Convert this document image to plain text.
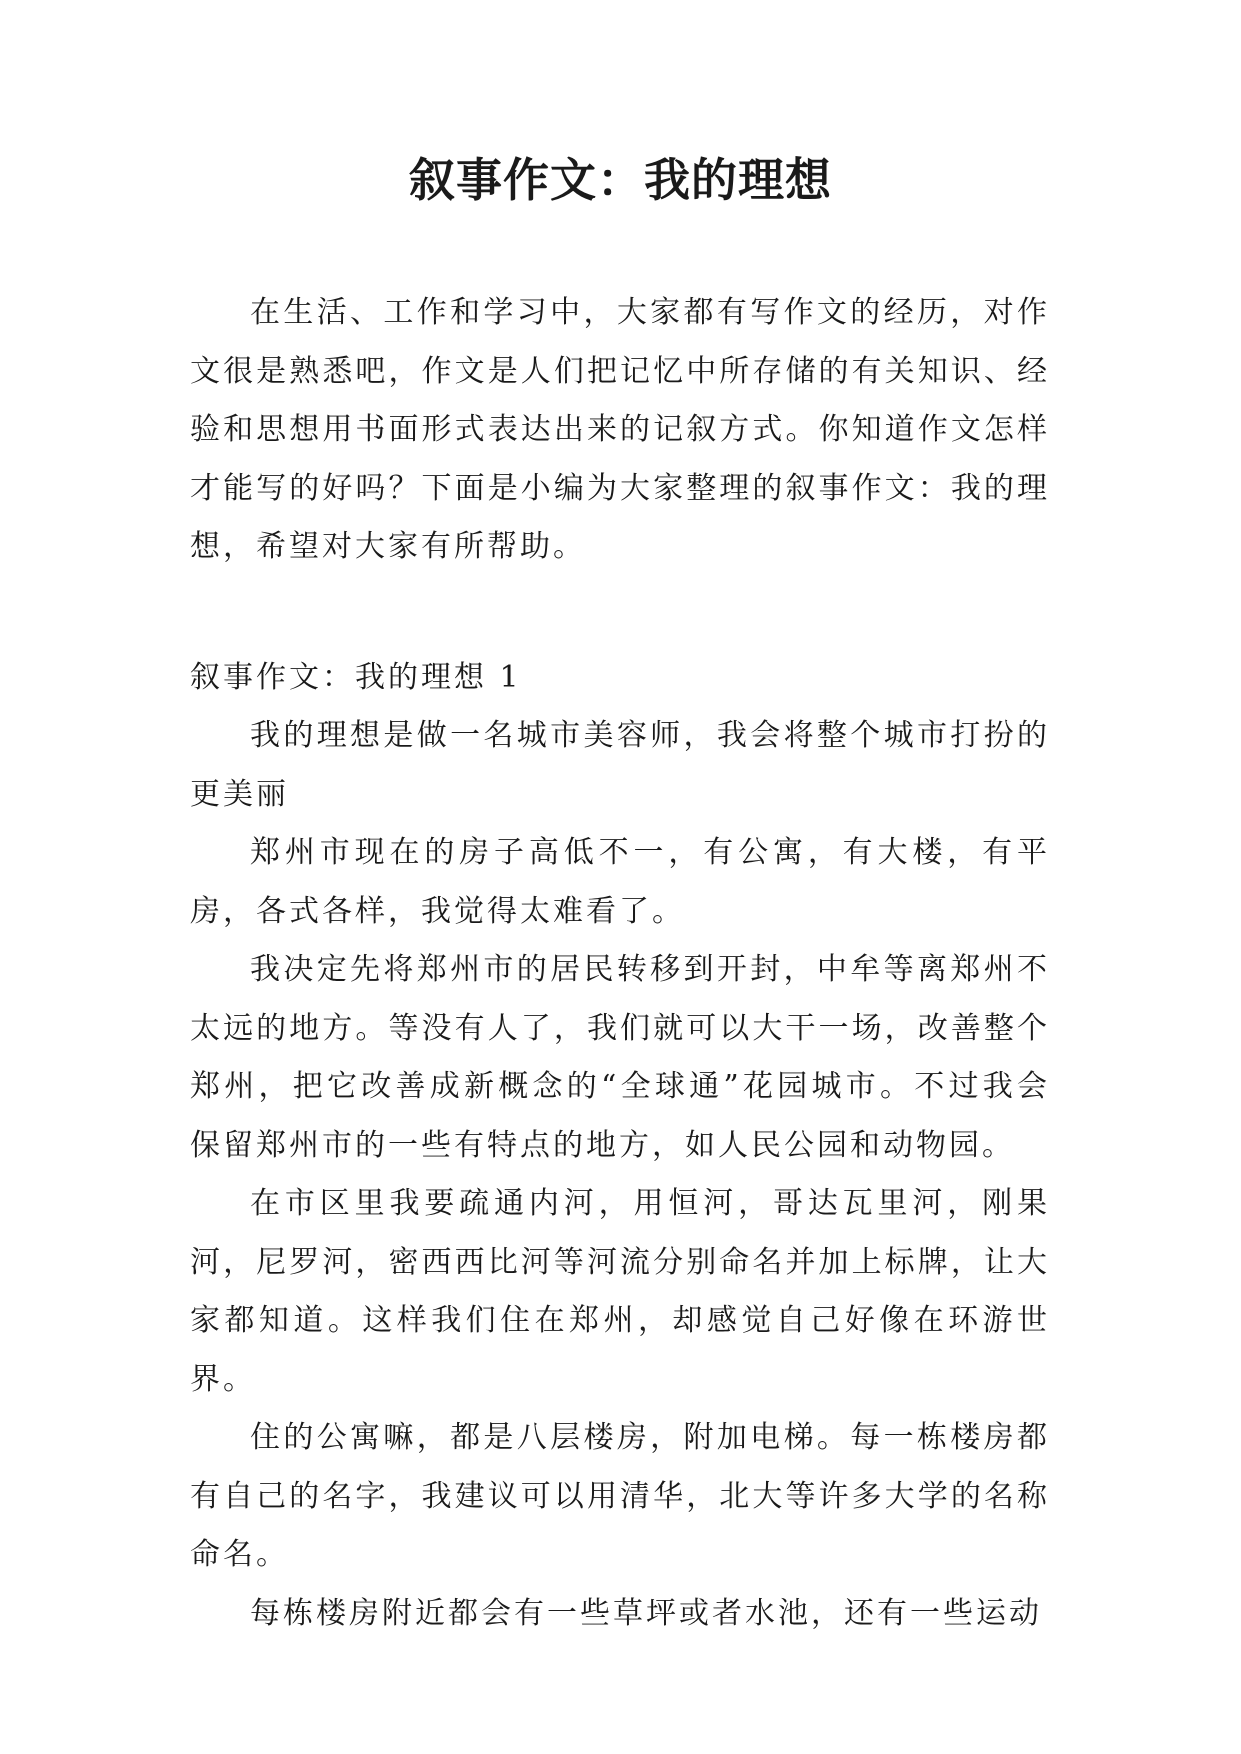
叙事作文：我的理想

在生活、工作和学习中，大家都有写作文的经历，对作文很是熟悉吧，作文是人们把记忆中所存储的有关知识、经验和思想用书面形式表达出来的记叙方式。你知道作文怎样才能写的好吗？下面是小编为大家整理的叙事作文：我的理想，希望对大家有所帮助。

叙事作文：我的理想 1

我的理想是做一名城市美容师，我会将整个城市打扮的更美丽

郑州市现在的房子高低不一，有公寓，有大楼，有平房，各式各样，我觉得太难看了。

我决定先将郑州市的居民转移到开封，中牟等离郑州不太远的地方。等没有人了，我们就可以大干一场，改善整个郑州，把它改善成新概念的“全球通”花园城市。不过我会保留郑州市的一些有特点的地方，如人民公园和动物园。

在市区里我要疏通内河，用恒河，哥达瓦里河，刚果河，尼罗河，密西西比河等河流分别命名并加上标牌，让大家都知道。这样我们住在郑州，却感觉自己好像在环游世界。

住的公寓嘛，都是八层楼房，附加电梯。每一栋楼房都有自己的名字，我建议可以用清华，北大等许多大学的名称命名。

每栋楼房附近都会有一些草坪或者水池，还有一些运动
